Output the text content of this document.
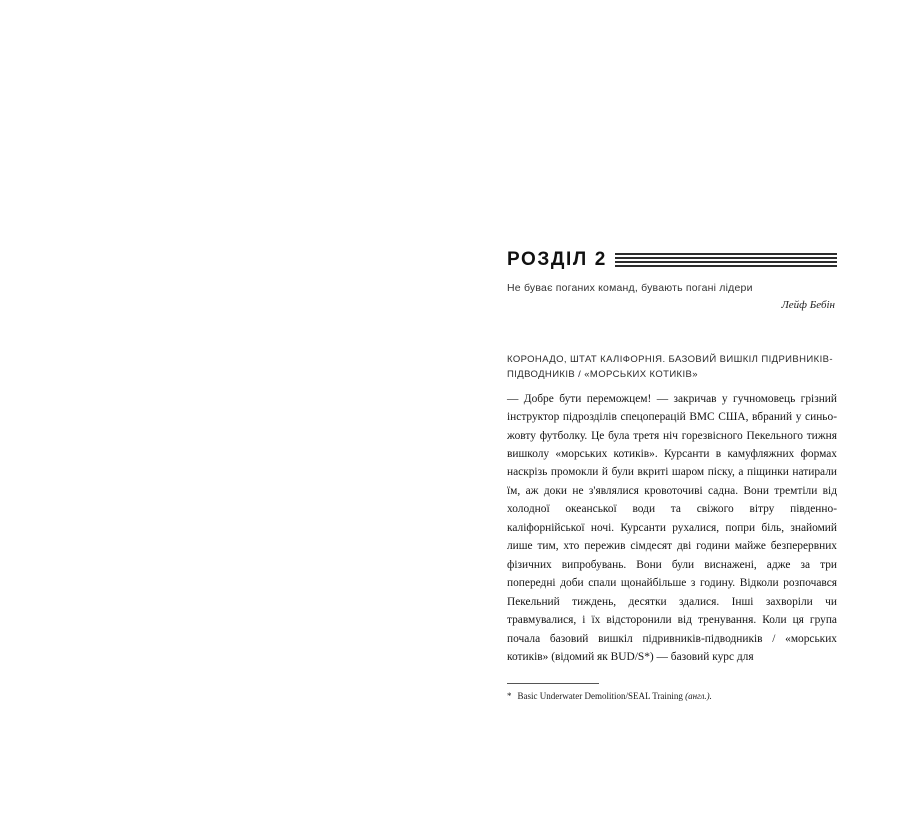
РОЗДІЛ 2

Не буває поганих команд, бувають погані лідери

Лейф Бебін

КОРОНАДО, ШТАТ КАЛІФОРНІЯ. БАЗОВИЙ ВИШКІЛ ПІДРИВНИКІВ-ПІДВОДНИКІВ / «МОРСЬКИХ КОТИКІВ»

— Добре бути переможцем! — закричав у гучномовець грізний інструктор підрозділів спецоперацій ВМС США, вбраний у синьо-жовту футболку. Це була третя ніч горезвісного Пекельного тижня вишколу «морських котиків». Курсанти в камуфляжних формах наскрізь промокли й були вкриті шаром піску, а піщинки натирали їм, аж доки не з'являлися кровоточиві садна. Вони тремтіли від холодної океанської води та свіжого вітру південно-каліфорнійської ночі. Курсанти рухалися, попри біль, знайомий лише тим, хто пережив сімдесят дві години майже безперервних фізичних випробувань. Вони були виснажені, адже за три попередні доби спали щонайбільше з годину. Відколи розпочався Пекельний тиждень, десятки здалися. Інші захворіли чи травмувалися, і їх відсторонили від тренування. Коли ця група почала базовий вишкіл підривників-підводників / «морських котиків» (відомий як BUD/S*) — базовий курс для

* Basic Underwater Demolition/SEAL Training (англ.).
